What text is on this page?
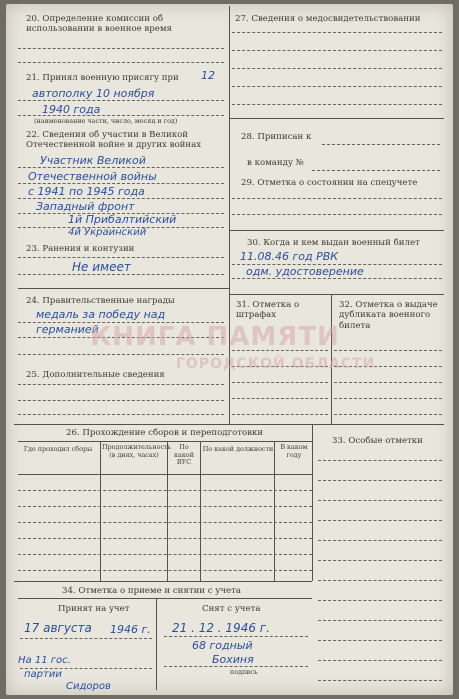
20. Определение комиссии об использовании в военное время
21. Принял военную присягу при 12
автополку 10 ноября
1940 года
(наименование части, число, месяц и год)
22. Сведения об участии в Великой Отечественной войне и других войнах
Участник Великой
Отечественной войны
с 1941 по 1945 года
Западный фронт
1й Прибалтийский
4й Украинский
23. Ранения и контузии
Не имеет
24. Правительственные награды
медаль за победу над
германией
25. Дополнительные сведения
27. Сведения о медосвидетельствовании
28. Приписан к
в команду №
29. Отметка о состоянии на спецучете
30. Когда и кем выдан военный билет
11.08.46 год РВК
одм. удостоверение
31. Отметка о штрафах
32. Отметка о выдаче дубликата военного билета
КНИГА ПАМЯТИ
ГОРОДСКОЙ ОБЛАСТИ
26. Прохождение сборов и переподготовки
Где проходил сборы	Продолжительность (в днях, часах)
По какой ВУС
По какой должности	В каком году
33. Особые отметки
34. Отметка о приеме и снятии с учета
Принят на учет	Снят с учета
17 августа 1946 г. 21 . 12 . 1946 г.
68 годный
Бохиня
подпись
На 11 гос.
партии
Сидоров
